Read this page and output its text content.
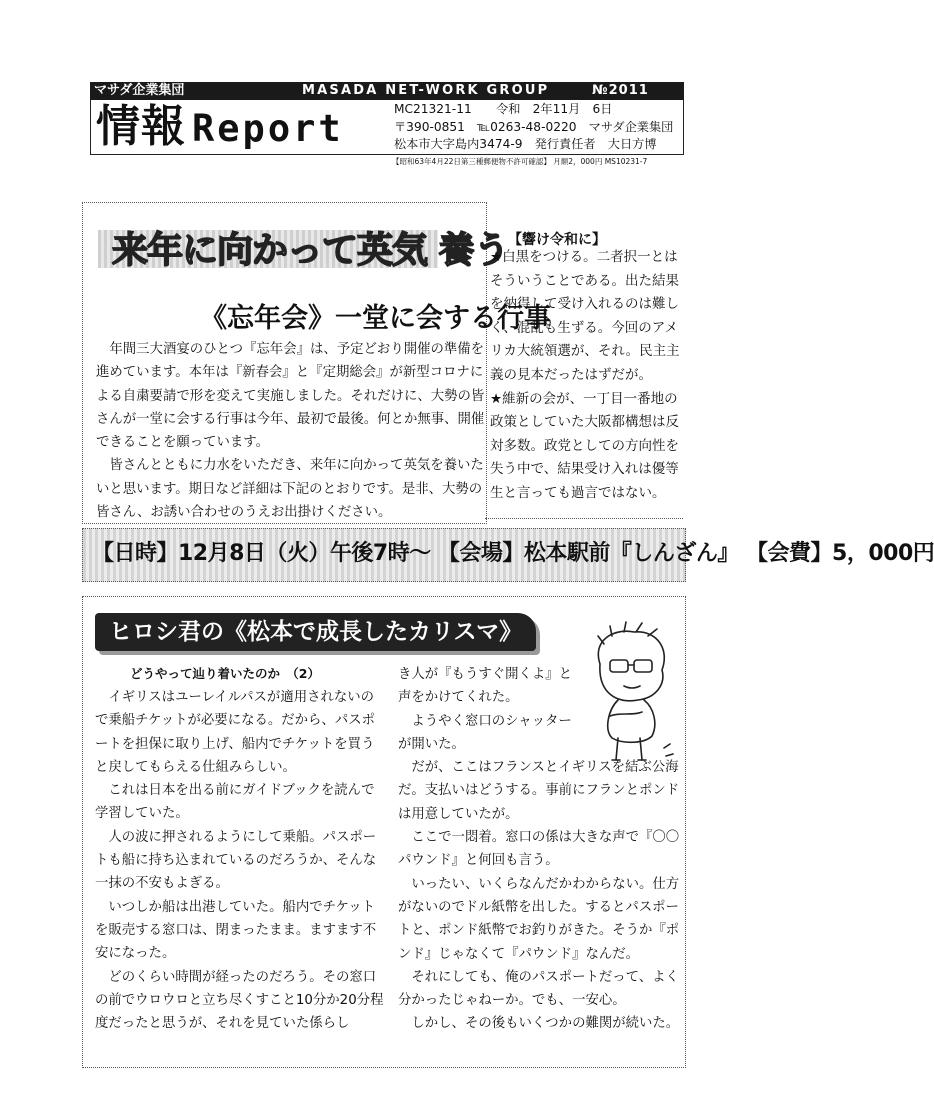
マサダ企業集団	MASADA NET-WORK GROUP	№2011
情報 Report	MC21321-11　　令和　2年11月　6日
〒390-0851　℡0263-48-0220　マサダ企業集団
松本市大字島内3474-9　発行責任者　大日方博
【昭和63年4月22日第三種郵便物不許可確認】 月額2，000円 MS10231-7
来年に向かって英気 養う
《忘年会》一堂に会する行事

年間三大酒宴のひとつ『忘年会』は、予定どおり開催の準備を進めています。本年は『新春会』と『定期総会』が新型コロナによる自粛要請で形を変えて実施しました。それだけに、大勢の皆さんが一堂に会する行事は今年、最初で最後。何とか無事、開催できることを願っています。

皆さんとともに力水をいただき、来年に向かって英気を養いたいと思います。期日など詳細は下記のとおりです。是非、大勢の皆さん、お誘い合わせのうえお出掛けください。

【響け令和に】

★白黒をつける。二者択一とはそういうことである。出た結果を納得して受け入れるのは難しく、混乱も生ずる。今回のアメリカ大統領選が、それ。民主主義の見本だったはずだが。

★維新の会が、一丁目一番地の政策としていた大阪都構想は反対多数。政党としての方向性を失う中で、結果受け入れは優等生と言っても過言ではない。

【日時】12月8日（火）午後7時～ 【会場】松本駅前『しんざん』 【会費】5，000円
ヒロシ君の《松本で成長したカリスマ》
どうやって辿り着いたのか　（2）

　イギリスはユーレイルパスが適用されないので乗船チケットが必要になる。だから、パスポートを担保に取り上げ、船内でチケットを買うと戻してもらえる仕組みらしい。

　これは日本を出る前にガイドブックを読んで学習していた。

　人の波に押されるようにして乗船。パスポートも船に持ち込まれているのだろうか、そんな一抹の不安もよぎる。

　いつしか船は出港していた。船内でチケットを販売する窓口は、閉まったまま。ますます不安になった。

　どのくらい時間が経ったのだろう。その窓口の前でウロウロと立ち尽くすこと10分か20分程度だったと思うが、それを見ていた係らし

き人が『もうすぐ開くよ』と声をかけてくれた。

　ようやく窓口のシャッターが開いた。

　だが、ここはフランスとイギリスを結ぶ公海だ。支払いはどうする。事前にフランとポンドは用意していたが。

　ここで一悶着。窓口の係は大きな声で『〇〇パウンド』と何回も言う。

　いったい、いくらなんだかわからない。仕方がないのでドル紙幣を出した。するとパスポートと、ポンド紙幣でお釣りがきた。そうか『ポンド』じゃなくて『パウンド』なんだ。

　それにしても、俺のパスポートだって、よく分かったじゃねーか。でも、一安心。

　しかし、その後もいくつかの難関が続いた。
